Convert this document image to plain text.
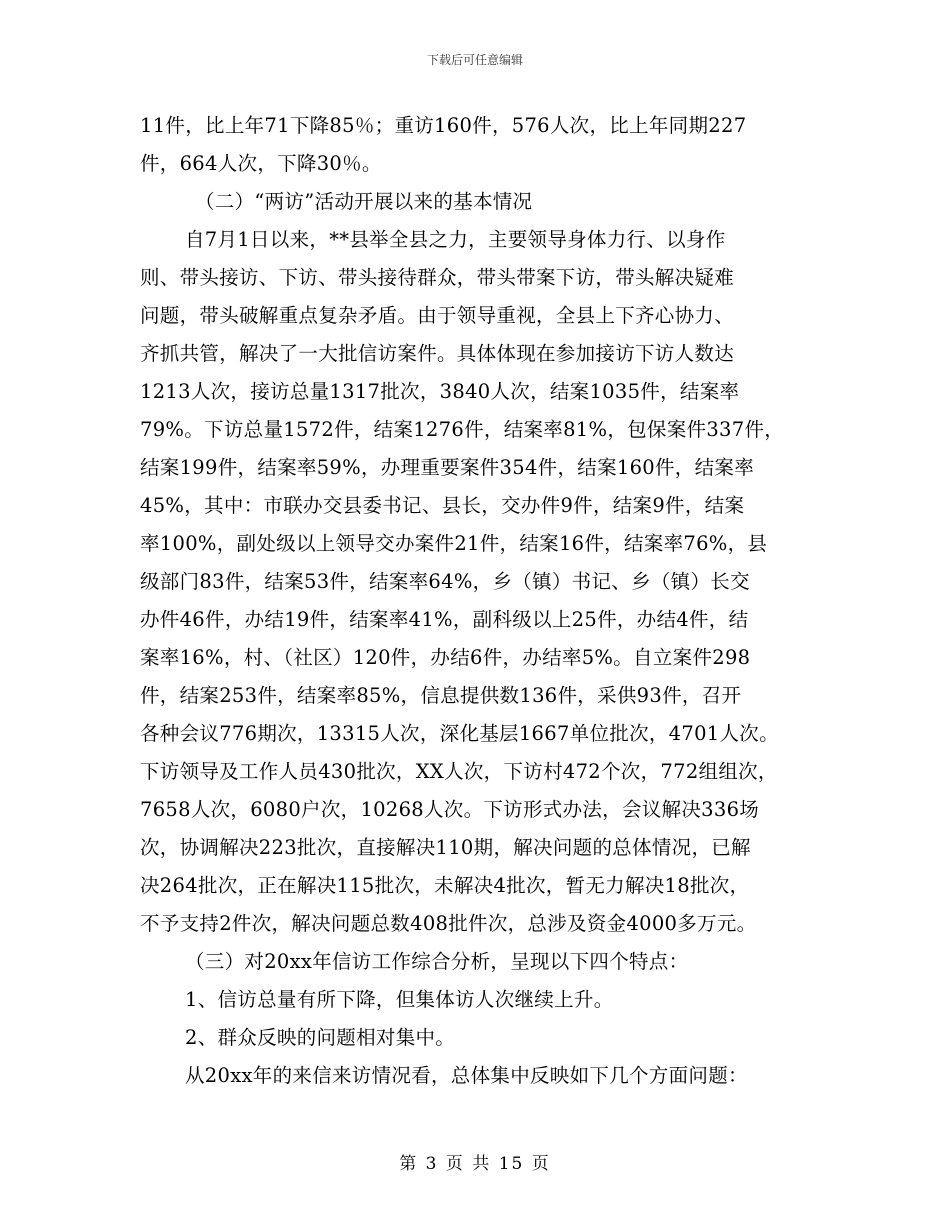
下载后可任意编辑
11件，比上年71下降85％；重访160件，576人次，比上年同期227
件，664人次，下降30％。
（二）“两访”活动开展以来的基本情况
自7月1日以来，**县举全县之力，主要领导身体力行、以身作
则、带头接访、下访、带头接待群众，带头带案下访，带头解决疑难
问题，带头破解重点复杂矛盾。由于领导重视，全县上下齐心协力、
齐抓共管，解决了一大批信访案件。具体体现在参加接访下访人数达
1213人次，接访总量1317批次，3840人次，结案1035件，结案率
79%。下访总量1572件，结案1276件，结案率81%，包保案件337件，
结案199件，结案率59%，办理重要案件354件，结案160件，结案率
45%，其中：市联办交县委书记、县长，交办件9件，结案9件，结案
率100%，副处级以上领导交办案件21件，结案16件，结案率76%，县
级部门83件，结案53件，结案率64%，乡（镇）书记、乡（镇）长交
办件46件，办结19件，结案率41%，副科级以上25件，办结4件，结
案率16%，村、（社区）120件，办结6件，办结率5%。自立案件298
件，结案253件，结案率85%，信息提供数136件，采供93件，召开
各种会议776期次，13315人次，深化基层1667单位批次，4701人次。
下访领导及工作人员430批次，XX人次，下访村472个次，772组组次，
7658人次，6080户次，10268人次。下访形式办法，会议解决336场
次，协调解决223批次，直接解决110期，解决问题的总体情况，已解
决264批次，正在解决115批次，未解决4批次，暂无力解决18批次，
不予支持2件次，解决问题总数408批件次，总涉及资金4000多万元。
（三）对20xx年信访工作综合分析，呈现以下四个特点：
1、信访总量有所下降，但集体访人次继续上升。
2、群众反映的问题相对集中。
从20xx年的来信来访情况看，总体集中反映如下几个方面问题：
第 3 页 共 15 页
